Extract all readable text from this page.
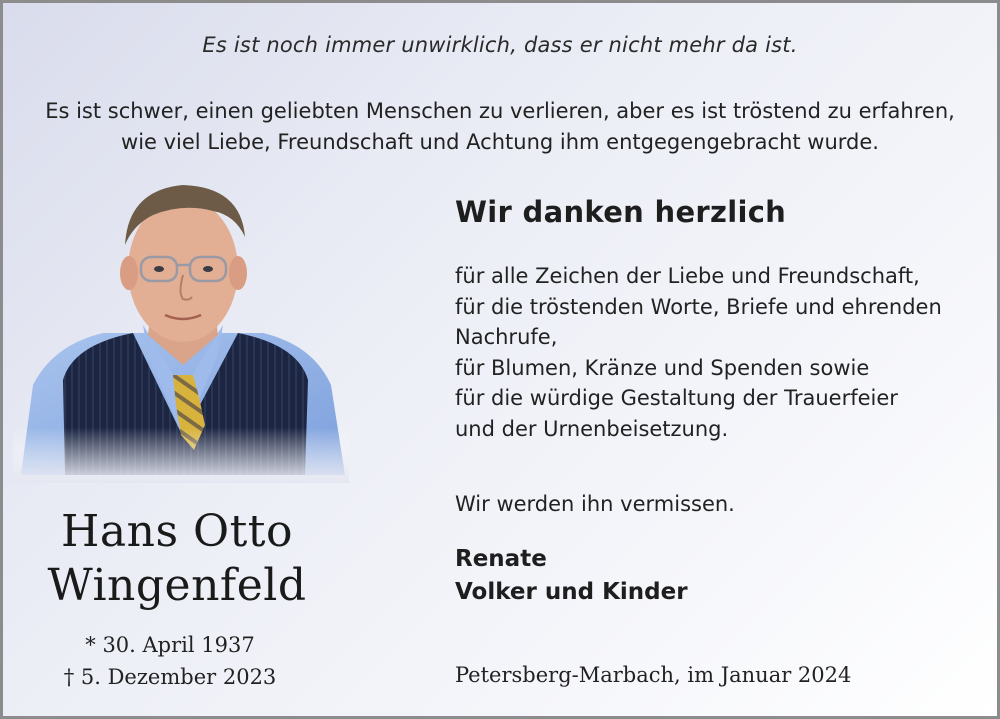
Es ist noch immer unwirklich, dass er nicht mehr da ist.
Es ist schwer, einen geliebten Menschen zu verlieren, aber es ist tröstend zu erfahren,
wie viel Liebe, Freundschaft und Achtung ihm entgegengebracht wurde.
Wir danken herzlich
für alle Zeichen der Liebe und Freundschaft,
für die tröstenden Worte, Briefe und ehrenden
Nachrufe,
für Blumen, Kränze und Spenden sowie
für die würdige Gestaltung der Trauerfeier
und der Urnenbeisetzung.
Wir werden ihn vermissen.
Renate
Volker und Kinder
Hans Otto
Wingenfeld
* 30. April 1937
† 5. Dezember 2023	Petersberg-Marbach, im Januar 2024
